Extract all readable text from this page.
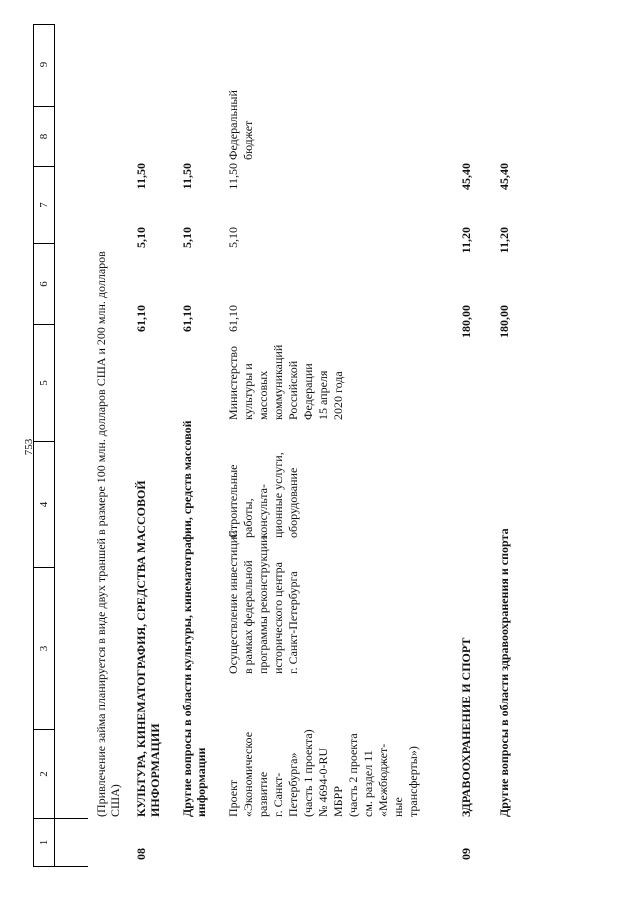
753
1
2
3
4
5
6
7
8
9
(Привлечение займа планируется в виде двух траншей в размере 100 млн. долларов США и 200 млн. долларов США)
08
КУЛЬТУРА, КИНЕМАТОГРАФИЯ, СРЕДСТВА МАССОВОЙ ИНФОРМАЦИИ
61,10
5,10
11,50
Другие вопросы в области культуры, кинематографии, средств массовой информации
61,10
5,10
11,50
Проект «Экономическое развитие г. Санкт- Петербурга» (часть 1 проекта) № 4694-0-RU МБРР (часть 2 проекта см. раздел 11 «Межбюджет- ные трансферты»)
Осуществление инвестиций в рамках федеральной программы реконструкции исторического центра г. Санкт-Петербурга
Строительные работы, консульта- ционные услуги, оборудование
Министерство культуры и массовых коммуникаций Российской Федерации 15 апреля 2020 года
61,10
5,10
11,50
Федеральный бюджет
09
ЗДРАВООХРАНЕНИЕ И СПОРТ
180,00
11,20
45,40
Другие вопросы в области здравоохранения и спорта
180,00
11,20
45,40
